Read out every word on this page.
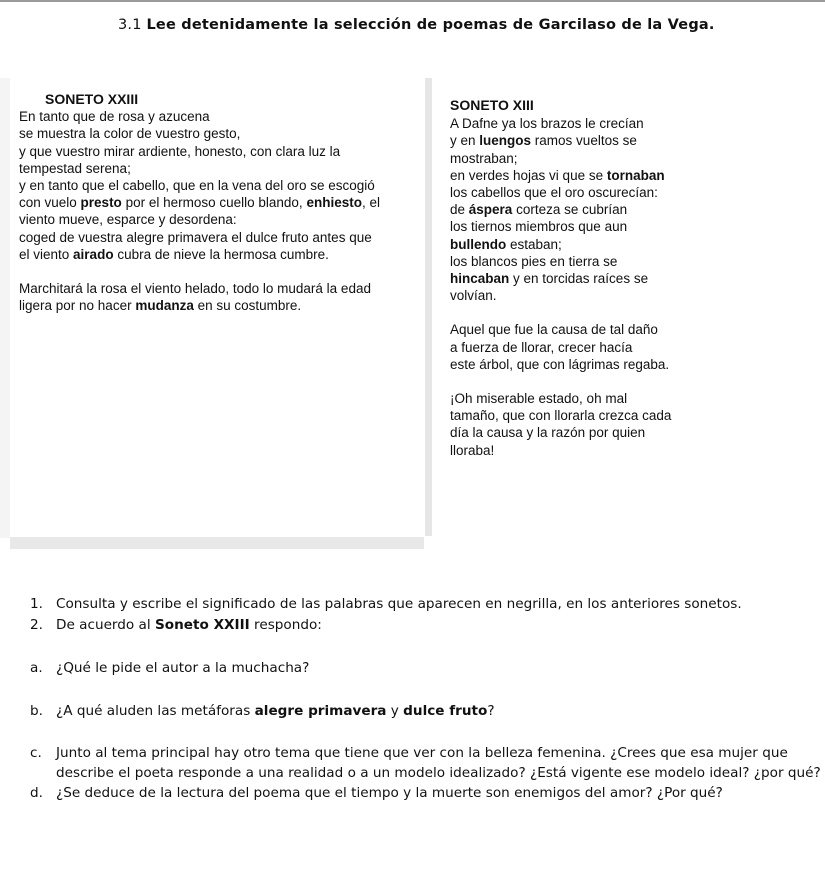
3.1 Lee detenidamente la selección de poemas de Garcilaso de la Vega.
SONETO XXIII
En tanto que de rosa y azucena
se muestra la color de vuestro gesto,
y que vuestro mirar ardiente, honesto, con clara luz la
tempestad serena;
y en tanto que el cabello, que en la vena del oro se escogió
con vuelo presto por el hermoso cuello blando, enhiesto, el
viento mueve, esparce y desordena:
coged de vuestra alegre primavera el dulce fruto antes que
el viento airado cubra de nieve la hermosa cumbre.
Marchitará la rosa el viento helado, todo lo mudará la edad
ligera por no hacer mudanza en su costumbre.
SONETO XIII
A Dafne ya los brazos le crecían
y en luengos ramos vueltos se
mostraban;
en verdes hojas vi que se tornaban
los cabellos que el oro oscurecían:
de áspera corteza se cubrían
los tiernos miembros que aun
bullendo estaban;
los blancos pies en tierra se
hincaban y en torcidas raíces se
volvían.
Aquel que fue la causa de tal daño
a fuerza de llorar, crecer hacía
este árbol, que con lágrimas regaba.
¡Oh miserable estado, oh mal
tamaño, que con llorarla crezca cada
día la causa y la razón por quien
lloraba!
1. Consulta y escribe el significado de las palabras que aparecen en negrilla, en los anteriores sonetos.
2. De acuerdo al Soneto XXIII respondo:
a. ¿Qué le pide el autor a la muchacha?
b. ¿A qué aluden las metáforas alegre primavera y dulce fruto?
c. Junto al tema principal hay otro tema que tiene que ver con la belleza femenina. ¿Crees que esa mujer que
describe el poeta responde a una realidad o a un modelo idealizado? ¿Está vigente ese modelo ideal? ¿por qué?
d. ¿Se deduce de la lectura del poema que el tiempo y la muerte son enemigos del amor? ¿Por qué?
